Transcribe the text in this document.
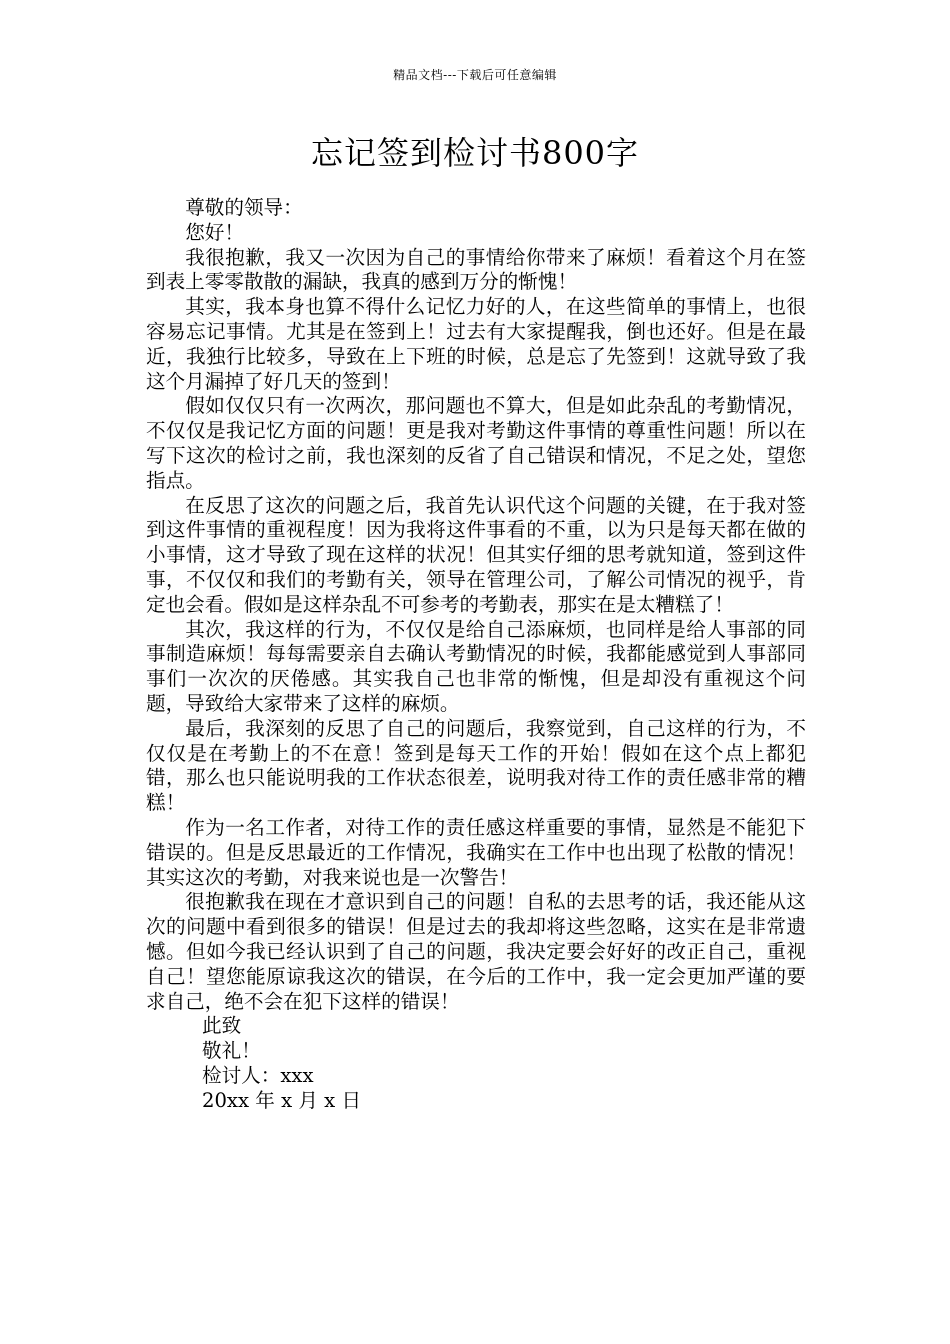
精品文档---下载后可任意编辑
忘记签到检讨书800字

尊敬的领导：

您好！

我很抱歉，我又一次因为自己的事情给你带来了麻烦！看着这个月在签到表上零零散散的漏缺，我真的感到万分的惭愧！

其实，我本身也算不得什么记忆力好的人，在这些简单的事情上，也很容易忘记事情。尤其是在签到上！过去有大家提醒我，倒也还好。但是在最近，我独行比较多，导致在上下班的时候，总是忘了先签到！这就导致了我这个月漏掉了好几天的签到！

假如仅仅只有一次两次，那问题也不算大，但是如此杂乱的考勤情况，不仅仅是我记忆方面的问题！更是我对考勤这件事情的尊重性问题！所以在写下这次的检讨之前，我也深刻的反省了自己错误和情况，不足之处，望您指点。

在反思了这次的问题之后，我首先认识代这个问题的关键，在于我对签到这件事情的重视程度！因为我将这件事看的不重，以为只是每天都在做的小事情，这才导致了现在这样的状况！但其实仔细的思考就知道，签到这件事，不仅仅和我们的考勤有关，领导在管理公司，了解公司情况的视乎，肯定也会看。假如是这样杂乱不可参考的考勤表，那实在是太糟糕了！

其次，我这样的行为，不仅仅是给自己添麻烦，也同样是给人事部的同事制造麻烦！每每需要亲自去确认考勤情况的时候，我都能感觉到人事部同事们一次次的厌倦感。其实我自己也非常的惭愧，但是却没有重视这个问题，导致给大家带来了这样的麻烦。

最后，我深刻的反思了自己的问题后，我察觉到，自己这样的行为，不仅仅是在考勤上的不在意！签到是每天工作的开始！假如在这个点上都犯错，那么也只能说明我的工作状态很差，说明我对待工作的责任感非常的糟糕！

作为一名工作者，对待工作的责任感这样重要的事情，显然是不能犯下错误的。但是反思最近的工作情况，我确实在工作中也出现了松散的情况！其实这次的考勤，对我来说也是一次警告！

很抱歉我在现在才意识到自己的问题！自私的去思考的话，我还能从这次的问题中看到很多的错误！但是过去的我却将这些忽略，这实在是非常遗憾。但如今我已经认识到了自己的问题，我决定要会好好的改正自己，重视自己！望您能原谅我这次的错误，在今后的工作中，我一定会更加严谨的要求自己，绝不会在犯下这样的错误！

此致
敬礼！
检讨人：xxx
20xx 年 x 月 x 日
